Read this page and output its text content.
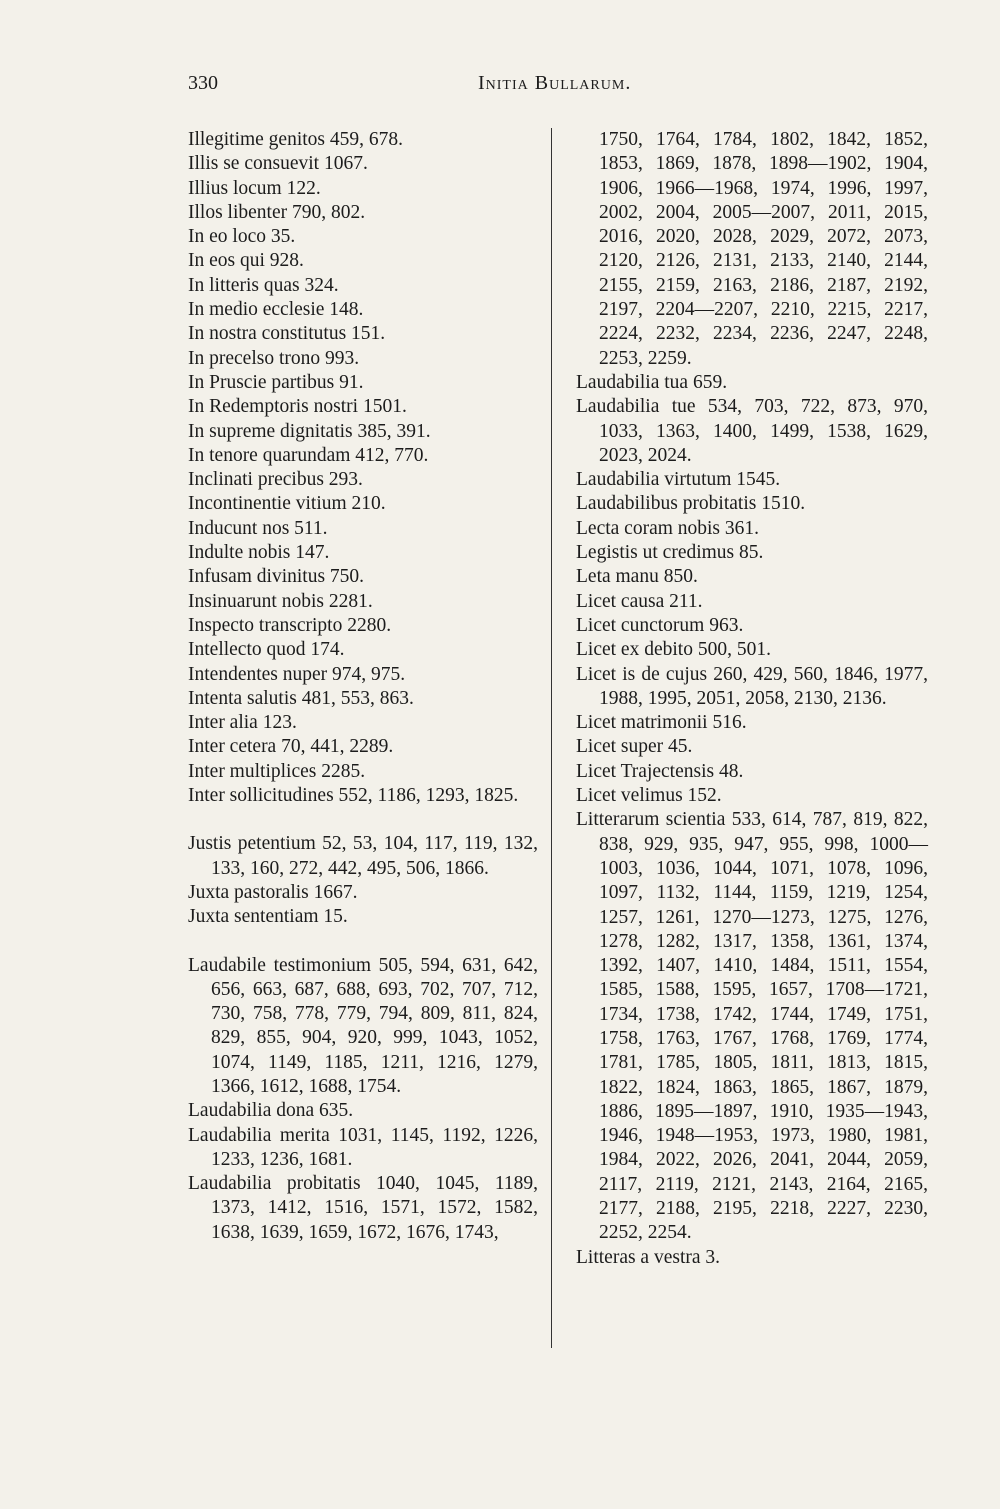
330	Initia Bullarum.
Illegitime genitos 459, 678.
Illis se consuevit 1067.
Illius locum 122.
Illos libenter 790, 802.
In eo loco 35.
In eos qui 928.
In litteris quas 324.
In medio ecclesie 148.
In nostra constitutus 151.
In precelso trono 993.
In Pruscie partibus 91.
In Redemptoris nostri 1501.
In supreme dignitatis 385, 391.
In tenore quarundam 412, 770.
Inclinati precibus 293.
Incontinentie vitium 210.
Inducunt nos 511.
Indulte nobis 147.
Infusam divinitus 750.
Insinuarunt nobis 2281.
Inspecto transcripto 2280.
Intellecto quod 174.
Intendentes nuper 974, 975.
Intenta salutis 481, 553, 863.
Inter alia 123.
Inter cetera 70, 441, 2289.
Inter multiplices 2285.
Inter sollicitudines 552, 1186, 1293, 1825.
Justis petentium 52, 53, 104, 117, 119, 132, 133, 160, 272, 442, 495, 506, 1866.
Juxta pastoralis 1667.
Juxta sententiam 15.
Laudabile testimonium 505, 594, 631, 642, 656, 663, 687, 688, 693, 702, 707, 712, 730, 758, 778, 779, 794, 809, 811, 824, 829, 855, 904, 920, 999, 1043, 1052, 1074, 1149, 1185, 1211, 1216, 1279, 1366, 1612, 1688, 1754.
Laudabilia dona 635.
Laudabilia merita 1031, 1145, 1192, 1226, 1233, 1236, 1681.
Laudabilia probitatis 1040, 1045, 1189, 1373, 1412, 1516, 1571, 1572, 1582, 1638, 1639, 1659, 1672, 1676, 1743,
1750, 1764, 1784, 1802, 1842, 1852, 1853, 1869, 1878, 1898—1902, 1904, 1906, 1966—1968, 1974, 1996, 1997, 2002, 2004, 2005—2007, 2011, 2015, 2016, 2020, 2028, 2029, 2072, 2073, 2120, 2126, 2131, 2133, 2140, 2144, 2155, 2159, 2163, 2186, 2187, 2192, 2197, 2204—2207, 2210, 2215, 2217, 2224, 2232, 2234, 2236, 2247, 2248, 2253, 2259.
Laudabilia tua 659.
Laudabilia tue 534, 703, 722, 873, 970, 1033, 1363, 1400, 1499, 1538, 1629, 2023, 2024.
Laudabilia virtutum 1545.
Laudabilibus probitatis 1510.
Lecta coram nobis 361.
Legistis ut credimus 85.
Leta manu 850.
Licet causa 211.
Licet cunctorum 963.
Licet ex debito 500, 501.
Licet is de cujus 260, 429, 560, 1846, 1977, 1988, 1995, 2051, 2058, 2130, 2136.
Licet matrimonii 516.
Licet super 45.
Licet Trajectensis 48.
Licet velimus 152.
Litterarum scientia 533, 614, 787, 819, 822, 838, 929, 935, 947, 955, 998, 1000—1003, 1036, 1044, 1071, 1078, 1096, 1097, 1132, 1144, 1159, 1219, 1254, 1257, 1261, 1270—1273, 1275, 1276, 1278, 1282, 1317, 1358, 1361, 1374, 1392, 1407, 1410, 1484, 1511, 1554, 1585, 1588, 1595, 1657, 1708—1721, 1734, 1738, 1742, 1744, 1749, 1751, 1758, 1763, 1767, 1768, 1769, 1774, 1781, 1785, 1805, 1811, 1813, 1815, 1822, 1824, 1863, 1865, 1867, 1879, 1886, 1895—1897, 1910, 1935—1943, 1946, 1948—1953, 1973, 1980, 1981, 1984, 2022, 2026, 2041, 2044, 2059, 2117, 2119, 2121, 2143, 2164, 2165, 2177, 2188, 2195, 2218, 2227, 2230, 2252, 2254.
Litteras a vestra 3.
